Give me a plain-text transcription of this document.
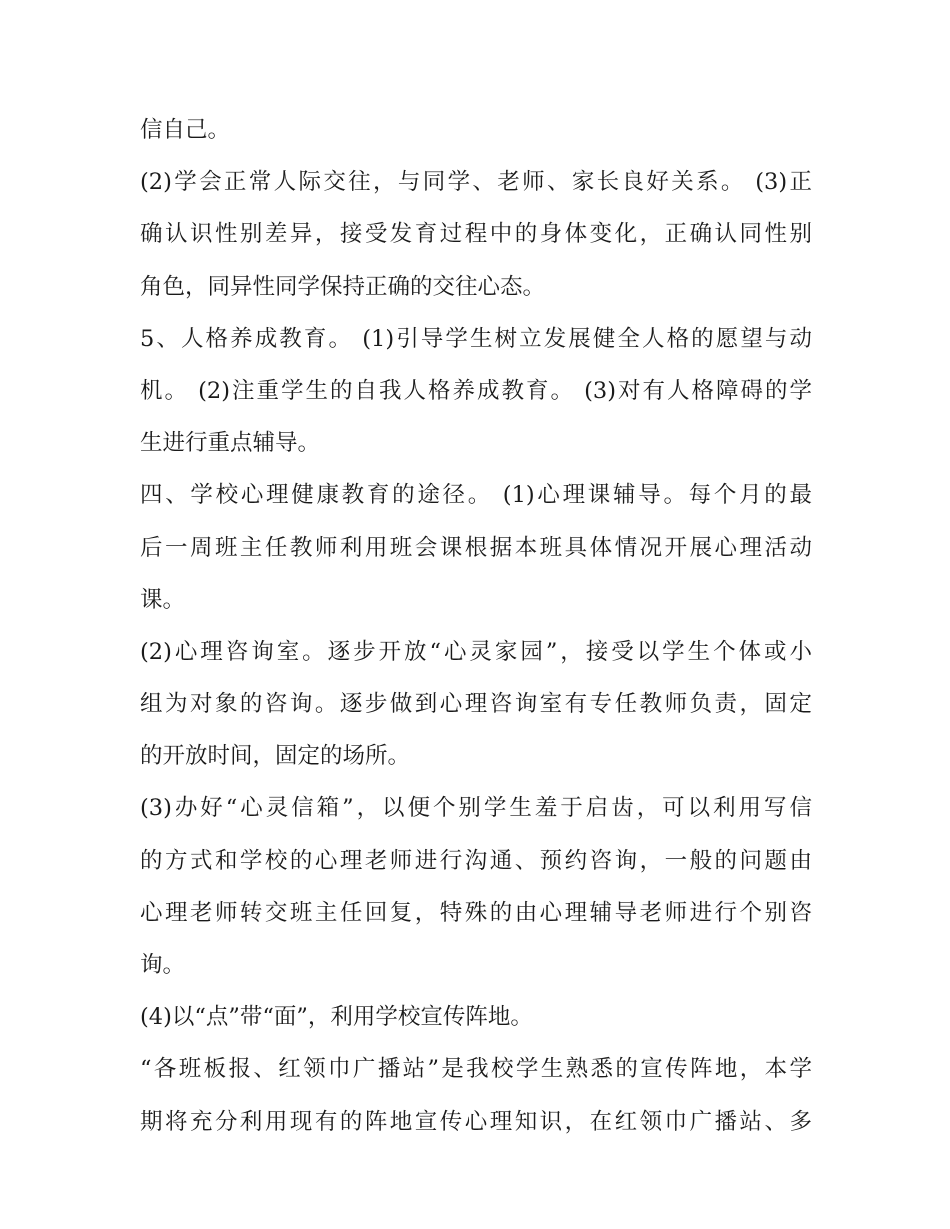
信自己。
(2)学会正常人际交往，与同学、老师、家长良好关系。 (3)正
确认识性别差异，接受发育过程中的身体变化，正确认同性别
角色，同异性同学保持正确的交往心态。
5、人格养成教育。 (1)引导学生树立发展健全人格的愿望与动
机。 (2)注重学生的自我人格养成教育。 (3)对有人格障碍的学
生进行重点辅导。
四、学校心理健康教育的途径。 (1)心理课辅导。每个月的最
后一周班主任教师利用班会课根据本班具体情况开展心理活动
课。
(2)心理咨询室。逐步开放“心灵家园”，接受以学生个体或小
组为对象的咨询。逐步做到心理咨询室有专任教师负责，固定
的开放时间，固定的场所。
(3)办好“心灵信箱”，以便个别学生羞于启齿，可以利用写信
的方式和学校的心理老师进行沟通、预约咨询，一般的问题由
心理老师转交班主任回复，特殊的由心理辅导老师进行个别咨
询。
(4)以“点”带“面”，利用学校宣传阵地。
“各班板报、红领巾广播站”是我校学生熟悉的宣传阵地，本学
期将充分利用现有的阵地宣传心理知识，在红领巾广播站、多
